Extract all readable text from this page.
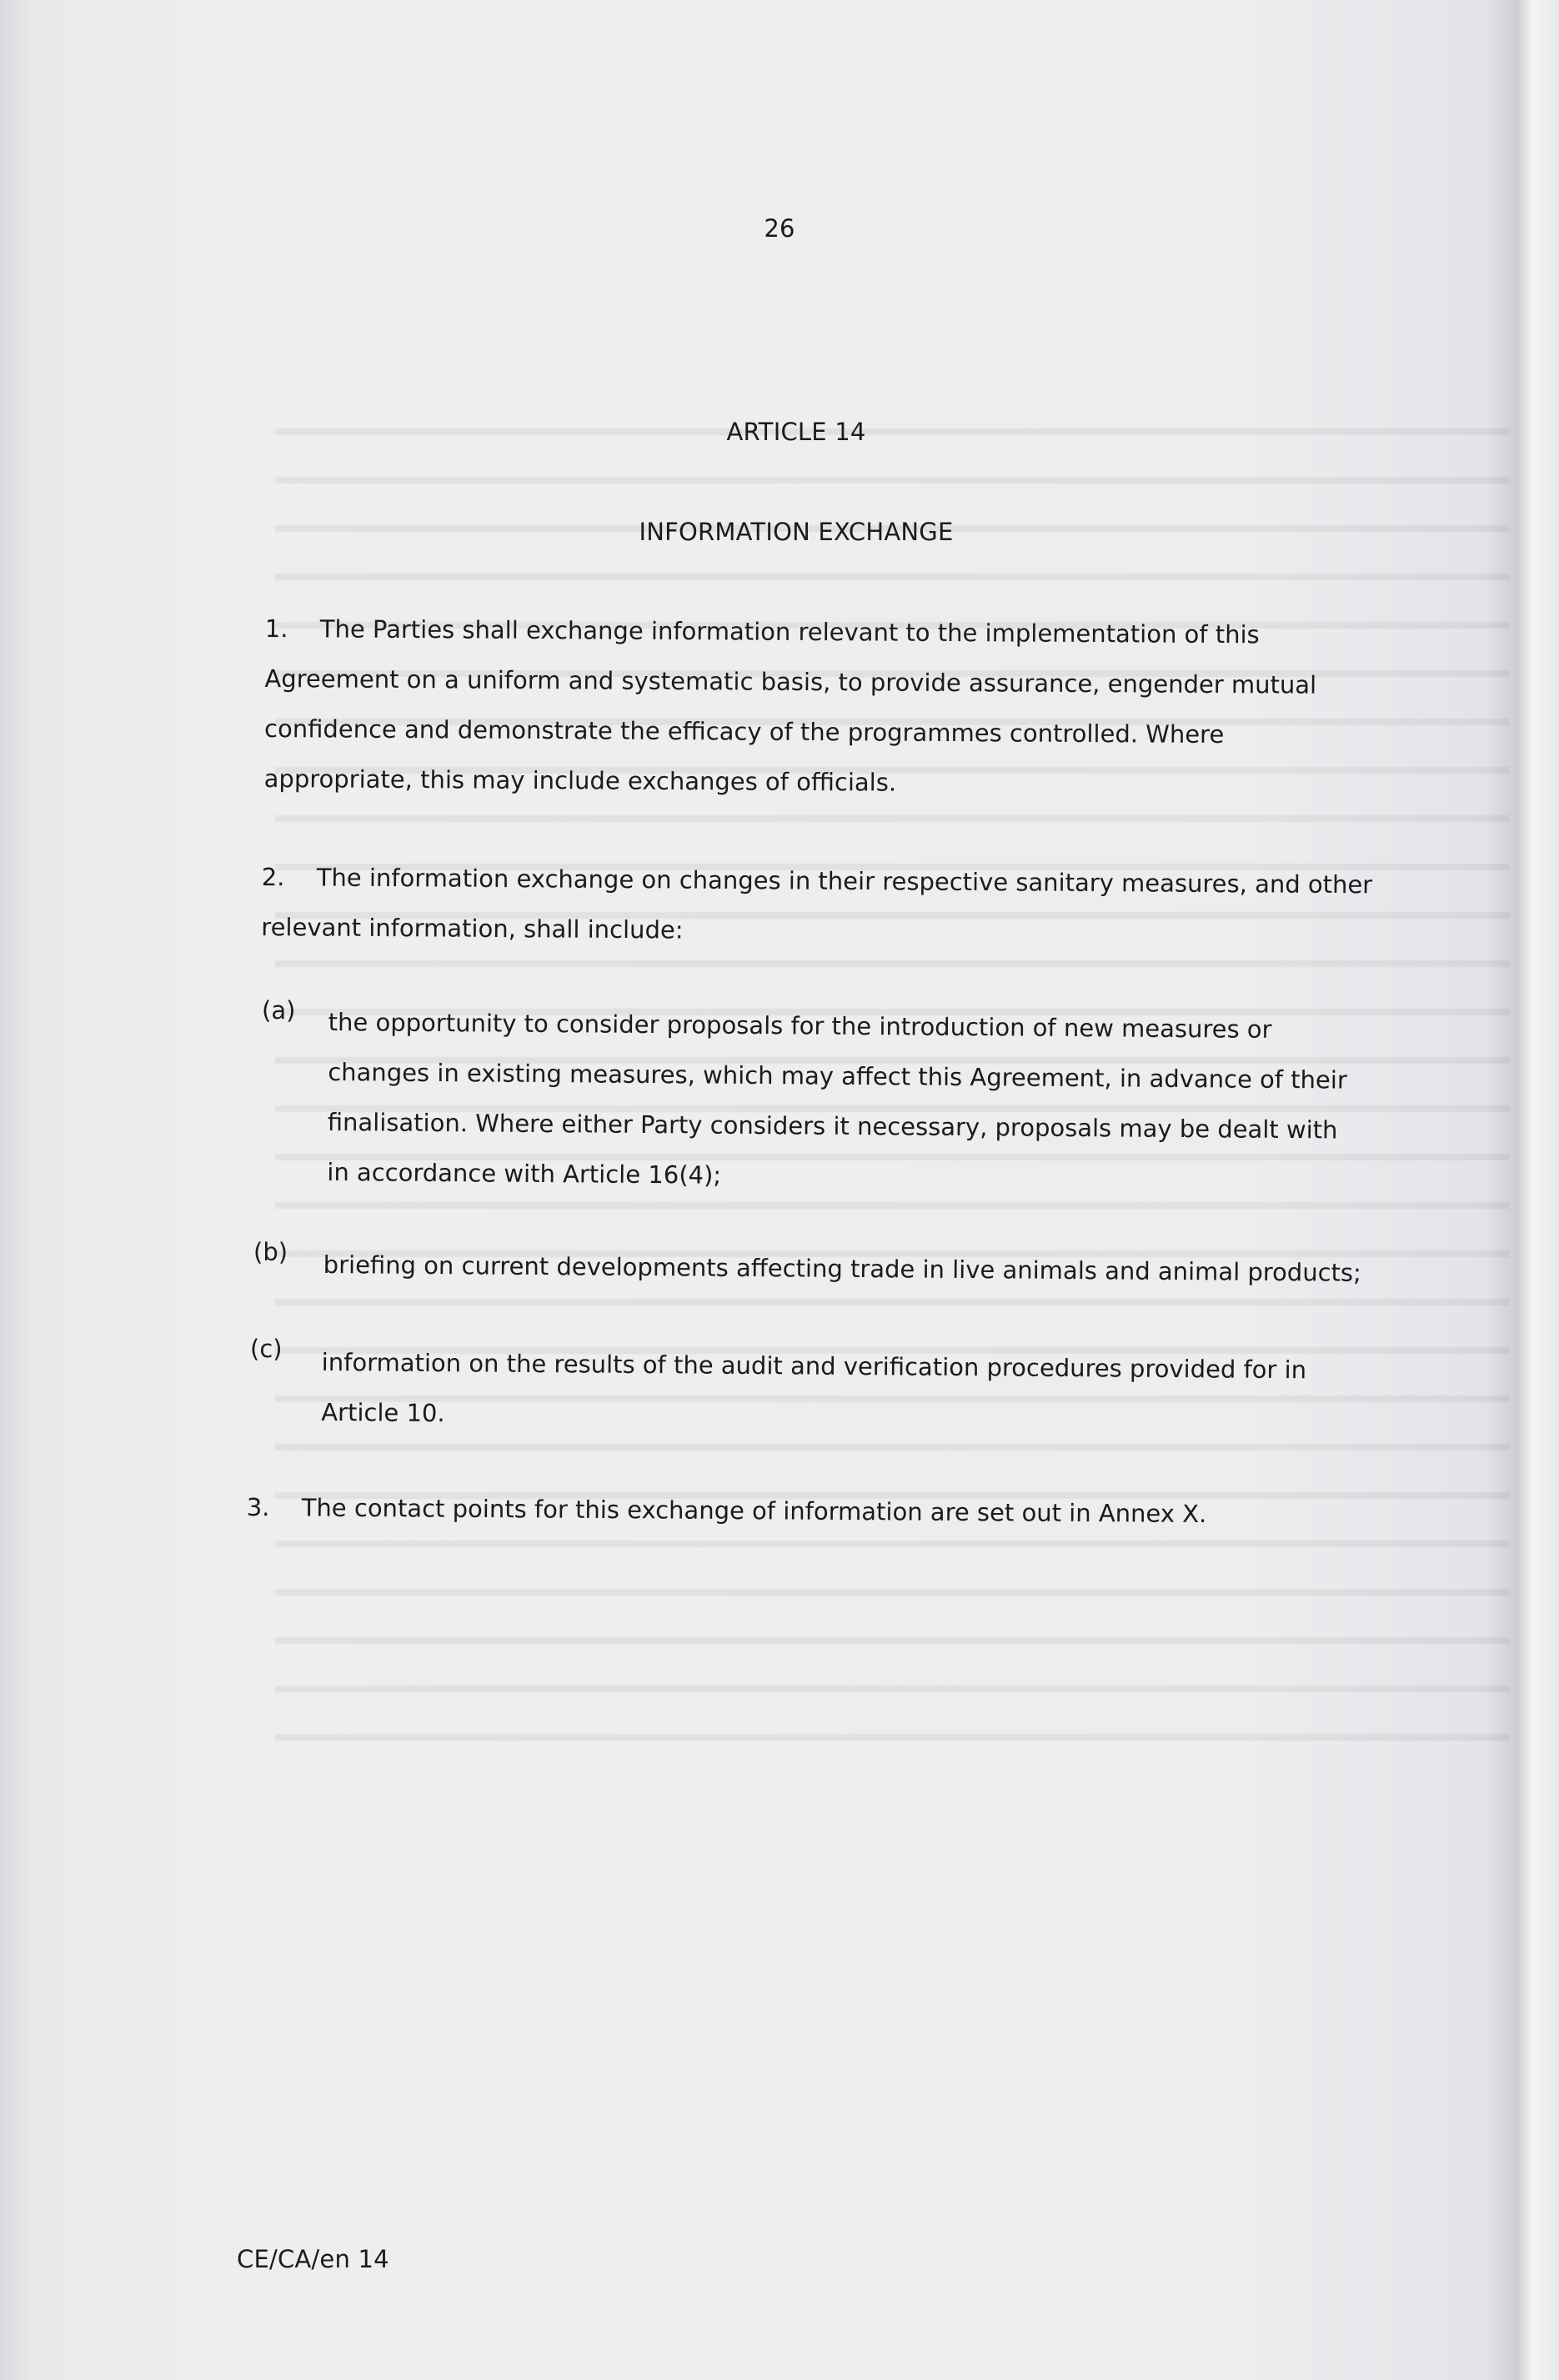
26
ARTICLE 14
INFORMATION EXCHANGE
1. The Parties shall exchange information relevant to the implementation of this
Agreement on a uniform and systematic basis, to provide assurance, engender mutual
confidence and demonstrate the efficacy of the programmes controlled. Where
appropriate, this may include exchanges of officials.
2. The information exchange on changes in their respective sanitary measures, and other
relevant information, shall include:
(a) the opportunity to consider proposals for the introduction of new measures or
changes in existing measures, which may affect this Agreement, in advance of their
finalisation. Where either Party considers it necessary, proposals may be dealt with
in accordance with Article 16(4);
(b) briefing on current developments affecting trade in live animals and animal products;
(c) information on the results of the audit and verification procedures provided for in
Article 10.
3. The contact points for this exchange of information are set out in Annex X.
CE/CA/en 14
